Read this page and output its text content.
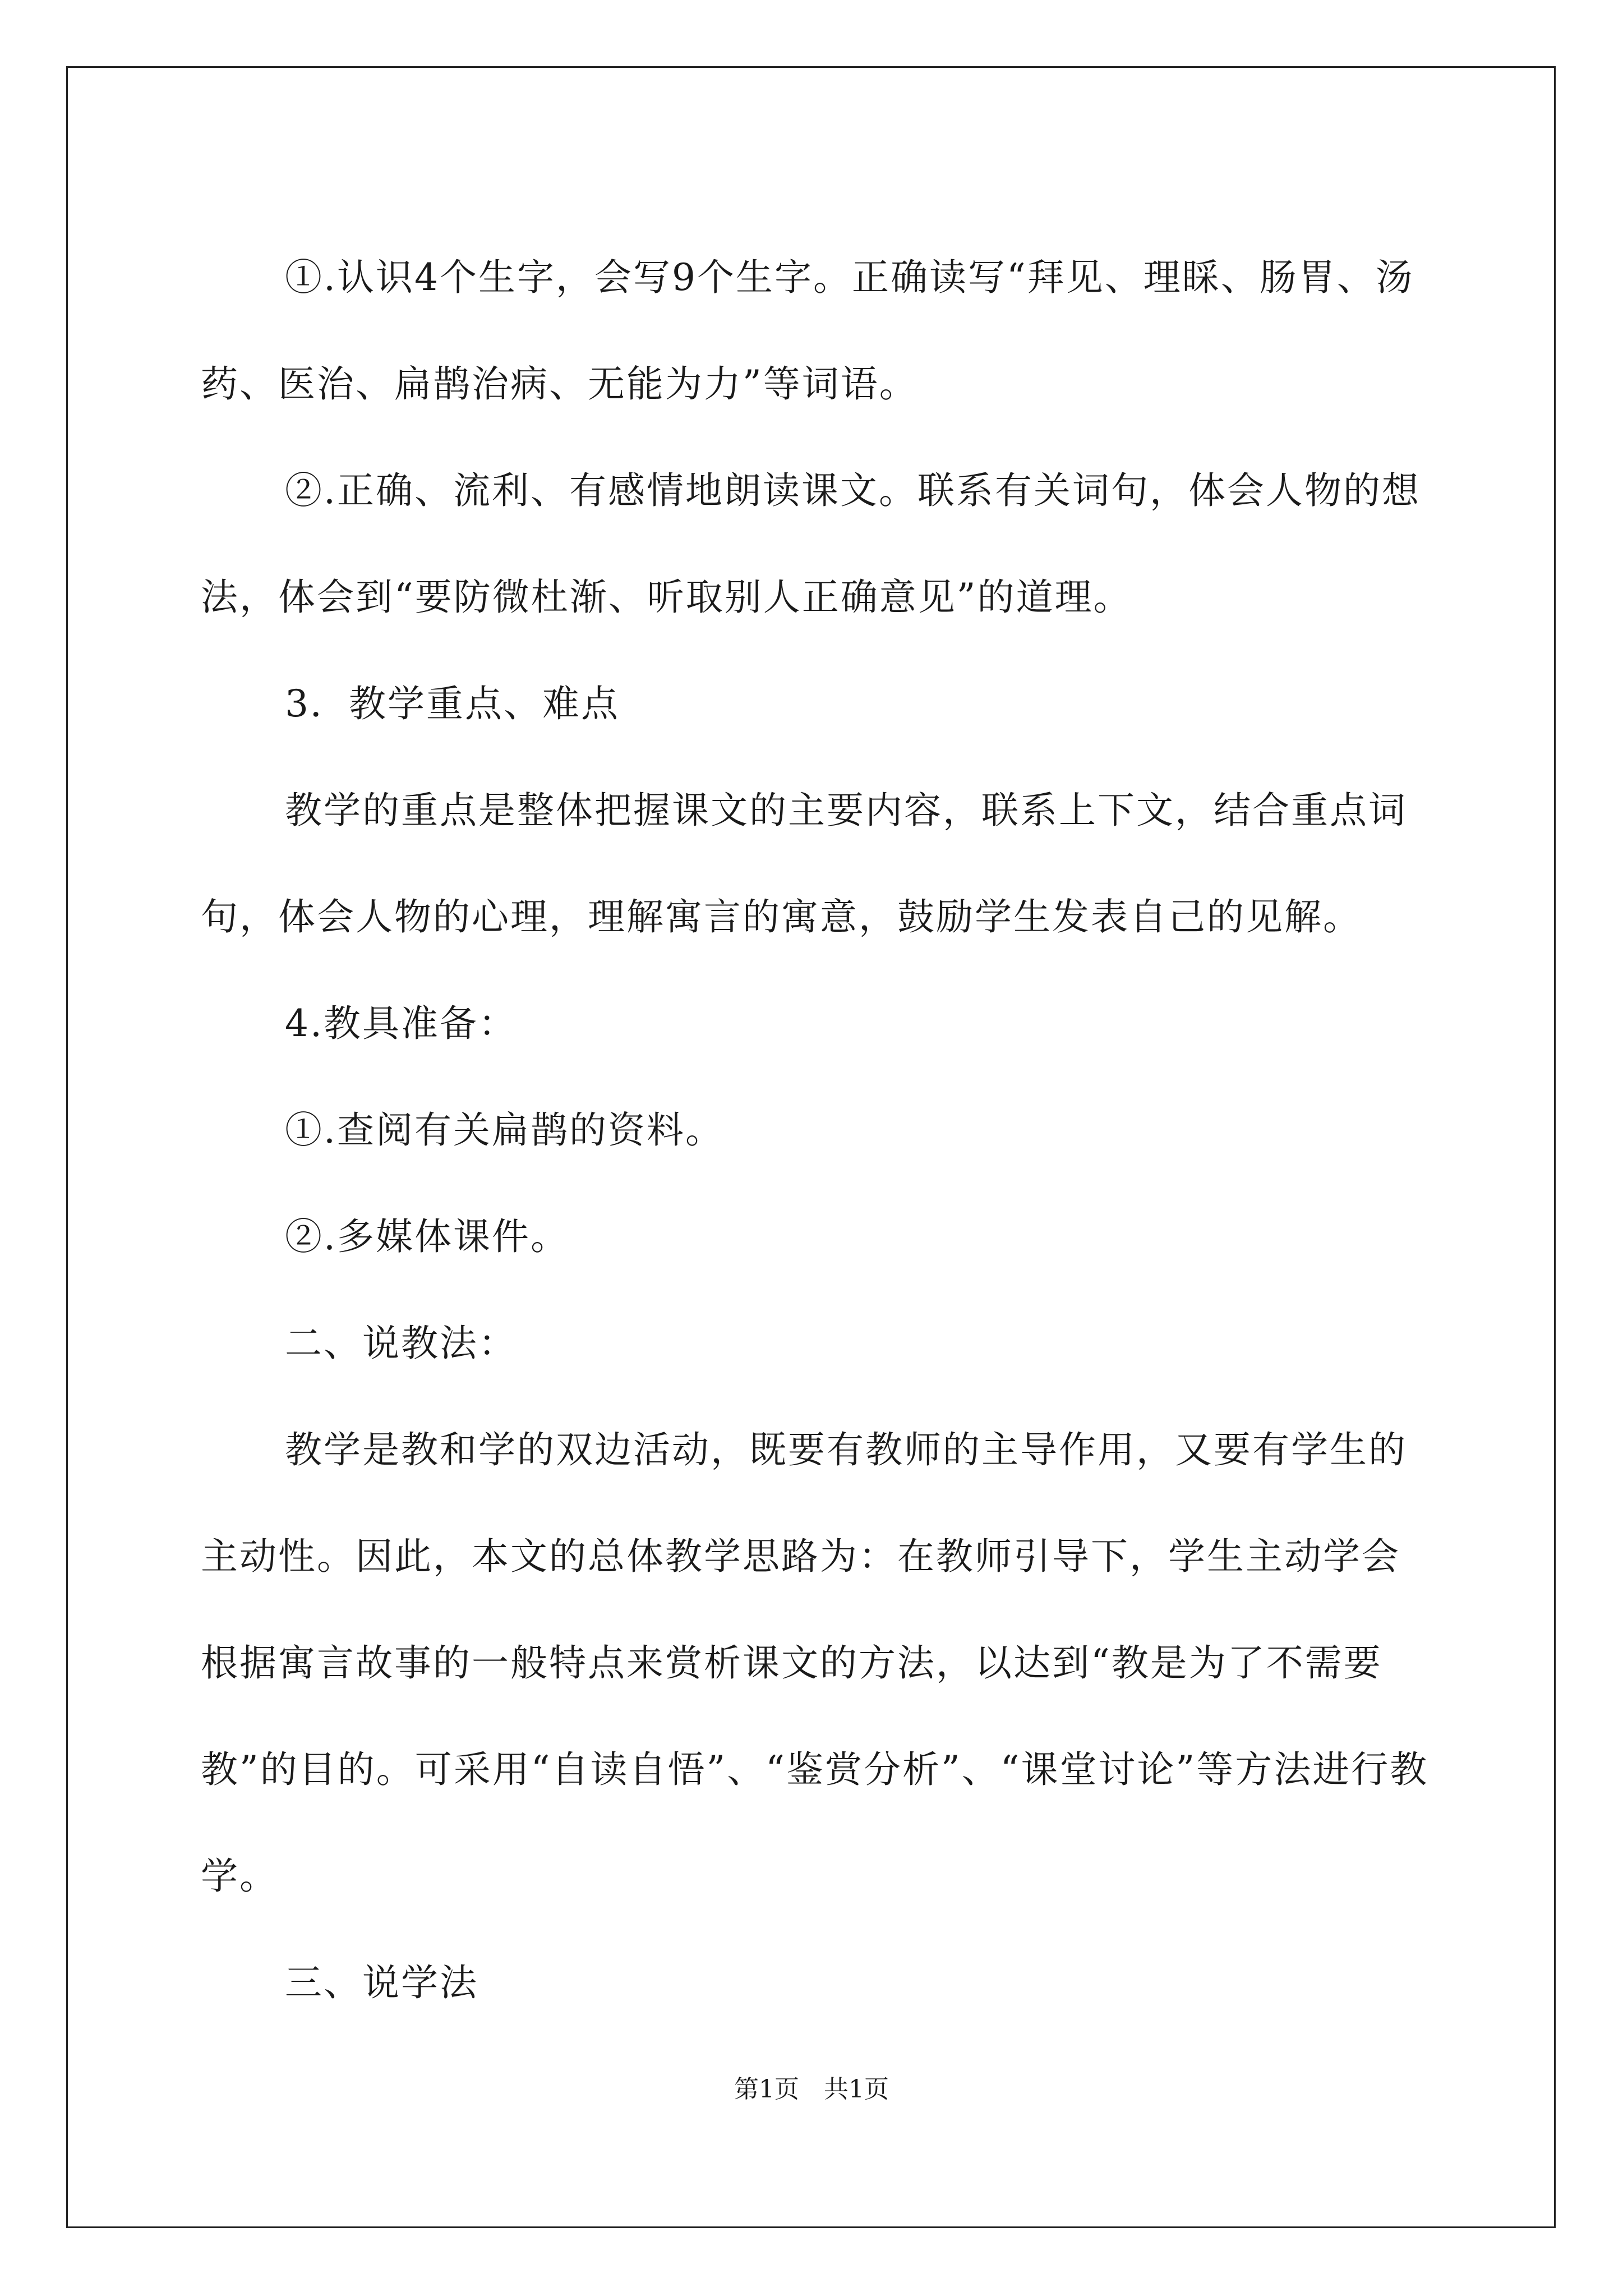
①.认识4个生字，会写9个生字。正确读写“拜见、理睬、肠胃、汤药、医治、扁鹊治病、无能为力”等词语。

②.正确、流利、有感情地朗读课文。联系有关词句，体会人物的想法，体会到“要防微杜渐、听取别人正确意见”的道理。

3．教学重点、难点

教学的重点是整体把握课文的主要内容，联系上下文，结合重点词句，体会人物的心理，理解寓言的寓意，鼓励学生发表自己的见解。

4.教具准备：

①.查阅有关扁鹊的资料。

②.多媒体课件。

二、说教法：

教学是教和学的双边活动，既要有教师的主导作用，又要有学生的主动性。因此，本文的总体教学思路为：在教师引导下，学生主动学会根据寓言故事的一般特点来赏析课文的方法，以达到“教是为了不需要教”的目的。可采用“自读自悟”、“鉴赏分析”、“课堂讨论”等方法进行教学。

三、说学法

第1页　共1页
